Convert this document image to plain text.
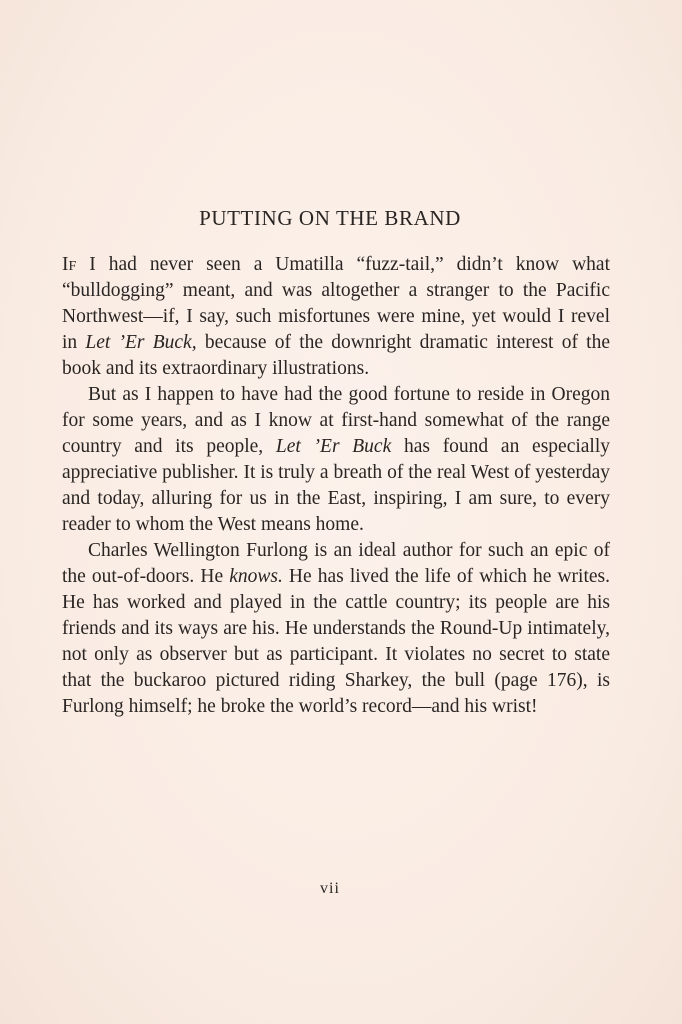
PUTTING ON THE BRAND

If I had never seen a Umatilla “fuzz-tail,” didn’t know what “bulldogging” meant, and was altogether a stranger to the Pacific Northwest—if, I say, such misfortunes were mine, yet would I revel in Let ’Er Buck, because of the downright dramatic interest of the book and its extraordinary illustrations.

But as I happen to have had the good fortune to reside in Oregon for some years, and as I know at first-hand somewhat of the range country and its people, Let ’Er Buck has found an especially appreciative publisher. It is truly a breath of the real West of yesterday and today, alluring for us in the East, inspiring, I am sure, to every reader to whom the West means home.

Charles Wellington Furlong is an ideal author for such an epic of the out-of-doors. He knows. He has lived the life of which he writes. He has worked and played in the cattle country; its people are his friends and its ways are his. He understands the Round-Up intimately, not only as observer but as participant. It violates no secret to state that the buckaroo pictured riding Sharkey, the bull (page 176), is Furlong himself; he broke the world’s record—and his wrist!

vii
